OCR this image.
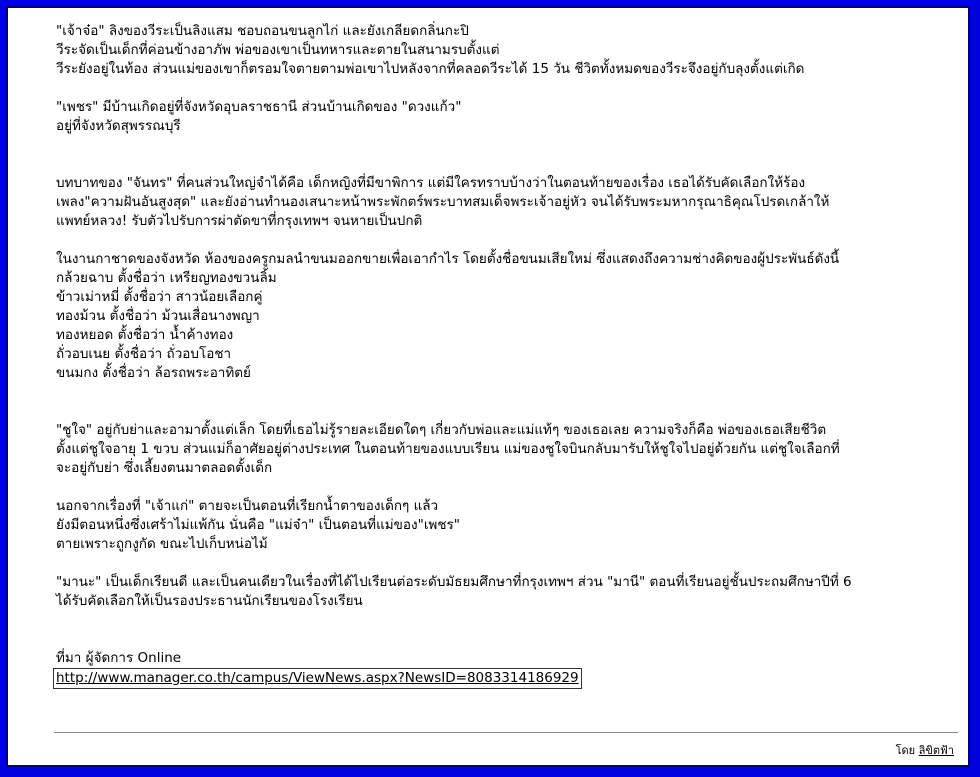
"เจ้าจ๋อ" ลิงของวีระเป็นลิงแสม ชอบถอนขนลูกไก่ และยังเกลียดกลิ่นกะปิ
วีระจัดเป็นเด็กที่ค่อนข้างอาภัพ พ่อของเขาเป็นทหารและตายในสนามรบตั้งแต่
วีระยังอยู่ในท้อง ส่วนแม่ของเขาก็ตรอมใจตายตามพ่อเขาไปหลังจากที่คลอดวีระได้ 15 วัน ชีวิตทั้งหมดของวีระจึงอยู่กับลุงตั้งแต่เกิด
"เพชร" มีบ้านเกิดอยู่ที่จังหวัดอุบลราชธานี ส่วนบ้านเกิดของ "ดวงแก้ว"
อยู่ที่จังหวัดสุพรรณบุรี
บทบาทของ "จันทร" ที่คนส่วนใหญ่จำได้คือ เด็กหญิงที่มีขาพิการ แต่มีใครทราบบ้างว่าในตอนท้ายของเรื่อง เธอได้รับคัดเลือกให้ร้อง
เพลง"ความฝันอันสูงสุด" และยังอ่านทำนองเสนาะหน้าพระพักตร์พระบาทสมเด็จพระเจ้าอยู่หัว จนได้รับพระมหากรุณาธิคุณโปรดเกล้าให้
แพทย์หลวง! รับตัวไปรับการผ่าตัดขาที่กรุงเทพฯ จนหายเป็นปกติ
ในงานกาชาดของจังหวัด ห้องของครูกมลนำขนมออกขายเพื่อเอากำไร โดยตั้งชื่อขนมเสียใหม่ ซึ่งแสดงถึงความช่างคิดของผู้ประพันธ์ดังนี้
กล้วยฉาบ ตั้งชื่อว่า เหรียญทองขวนลิ้ม
ข้าวเม่าหมี่ ตั้งชื่อว่า สาวน้อยเลือกคู่
ทองม้วน ตั้งชื่อว่า ม้วนเสื่อนางพญา
ทองหยอด ตั้งชื่อว่า น้ำค้างทอง
ถั่วอบเนย ตั้งชื่อว่า ถั่วอบโอชา
ขนมกง ตั้งชื่อว่า ล้อรถพระอาทิตย์
"ชูใจ" อยู่กับย่าและอามาตั้งแต่เล็ก โดยที่เธอไม่รู้รายละเอียดใดๆ เกี่ยวกับพ่อและแม่แท้ๆ ของเธอเลย ความจริงก็คือ พ่อของเธอเสียชีวิต
ตั้งแต่ชูใจอายุ 1 ขวบ ส่วนแม่ก็อาศัยอยู่ต่างประเทศ ในตอนท้ายของแบบเรียน แม่ของชูใจบินกลับมารับให้ชูใจไปอยู่ด้วยกัน แต่ชูใจเลือกที่
จะอยู่กับย่า ซึ่งเลี้ยงตนมาตลอดตั้งเด็ก
นอกจากเรื่องที่ "เจ้าแก่" ตายจะเป็นตอนที่เรียกน้ำตาของเด็กๆ แล้ว
ยังมีตอนหนึ่งซึ่งเศร้าไม่แพ้กัน นั่นคือ "แม่จ๋า" เป็นตอนที่แม่ของ"เพชร"
ตายเพราะถูกงูกัด ขณะไปเก็บหน่อไม้
"มานะ" เป็นเด็กเรียนดี และเป็นคนเดียวในเรื่องที่ได้ไปเรียนต่อระดับมัธยมศึกษาที่กรุงเทพฯ ส่วน "มานี" ตอนที่เรียนอยู่ชั้นประถมศึกษาปีที่ 6
ได้รับคัดเลือกให้เป็นรองประธานนักเรียนของโรงเรียน
ที่มา ผู้จัดการ Online
http://www.manager.co.th/campus/ViewNews.aspx?NewsID=8083314186929
โดย ลิขิตฟ้า
